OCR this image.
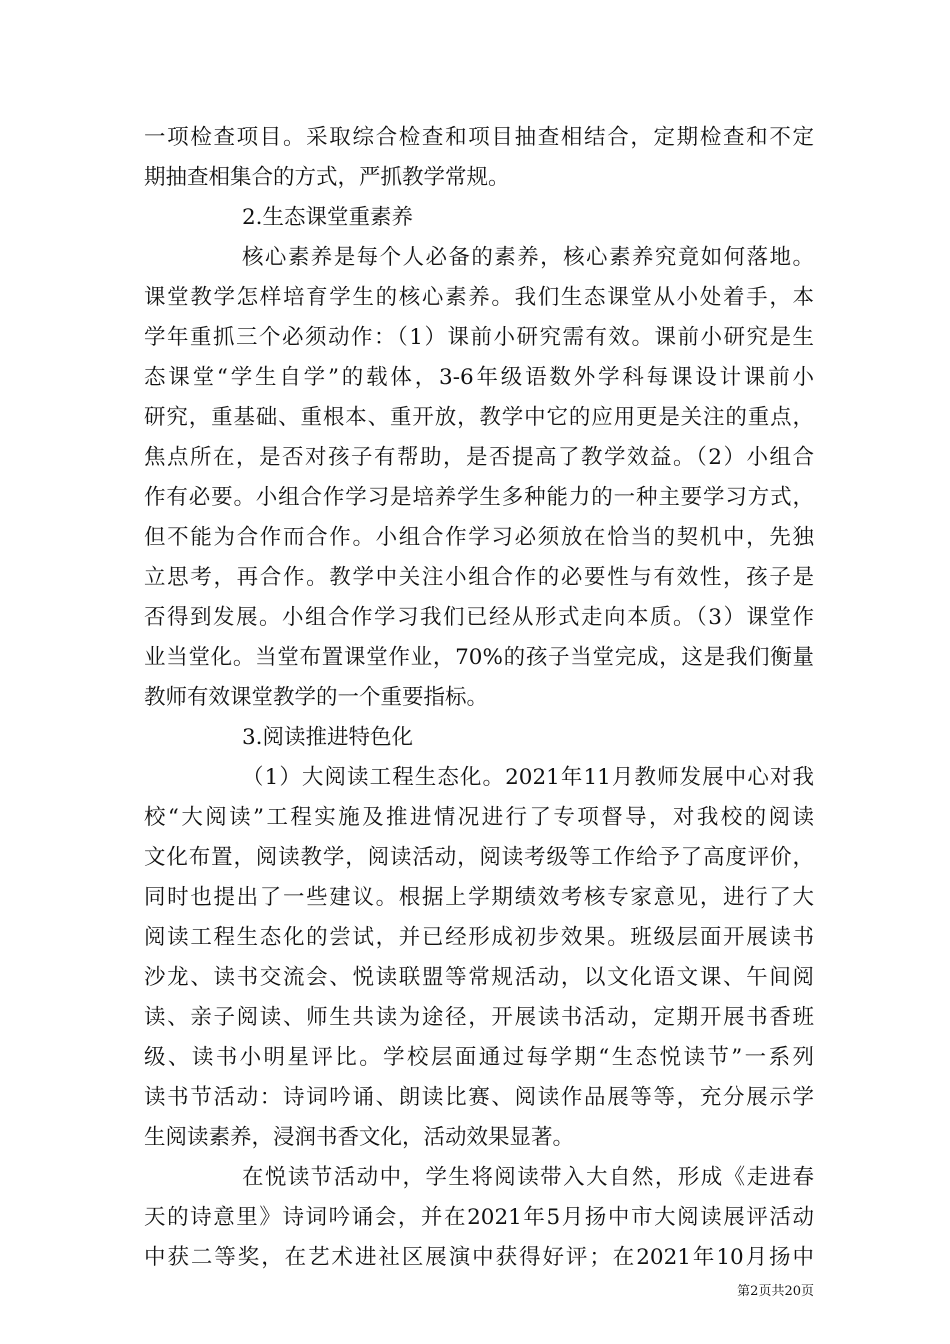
一项检查项目。采取综合检查和项目抽查相结合，定期检查和不定
期抽查相集合的方式，严抓教学常规。
2.生态课堂重素养
核心素养是每个人必备的素养，核心素养究竟如何落地。
课堂教学怎样培育学生的核心素养。我们生态课堂从小处着手，本
学年重抓三个必须动作：（1）课前小研究需有效。课前小研究是生
态课堂“学生自学”的载体，3-6年级语数外学科每课设计课前小
研究，重基础、重根本、重开放，教学中它的应用更是关注的重点，
焦点所在，是否对孩子有帮助，是否提高了教学效益。（2）小组合
作有必要。小组合作学习是培养学生多种能力的一种主要学习方式，
但不能为合作而合作。小组合作学习必须放在恰当的契机中，先独
立思考，再合作。教学中关注小组合作的必要性与有效性，孩子是
否得到发展。小组合作学习我们已经从形式走向本质。（3）课堂作
业当堂化。当堂布置课堂作业，70%的孩子当堂完成，这是我们衡量
教师有效课堂教学的一个重要指标。
3.阅读推进特色化
（1）大阅读工程生态化。2021年11月教师发展中心对我
校“大阅读”工程实施及推进情况进行了专项督导，对我校的阅读
文化布置，阅读教学，阅读活动，阅读考级等工作给予了高度评价，
同时也提出了一些建议。根据上学期绩效考核专家意见，进行了大
阅读工程生态化的尝试，并已经形成初步效果。班级层面开展读书
沙龙、读书交流会、悦读联盟等常规活动，以文化语文课、午间阅
读、亲子阅读、师生共读为途径，开展读书活动，定期开展书香班
级、读书小明星评比。学校层面通过每学期“生态悦读节”一系列
读书节活动：诗词吟诵、朗读比赛、阅读作品展等等，充分展示学
生阅读素养，浸润书香文化，活动效果显著。
在悦读节活动中，学生将阅读带入大自然，形成《走进春
天的诗意里》诗词吟诵会，并在2021年5月扬中市大阅读展评活动
中获二等奖，在艺术进社区展演中获得好评；在2021年10月扬中
第2页共20页
